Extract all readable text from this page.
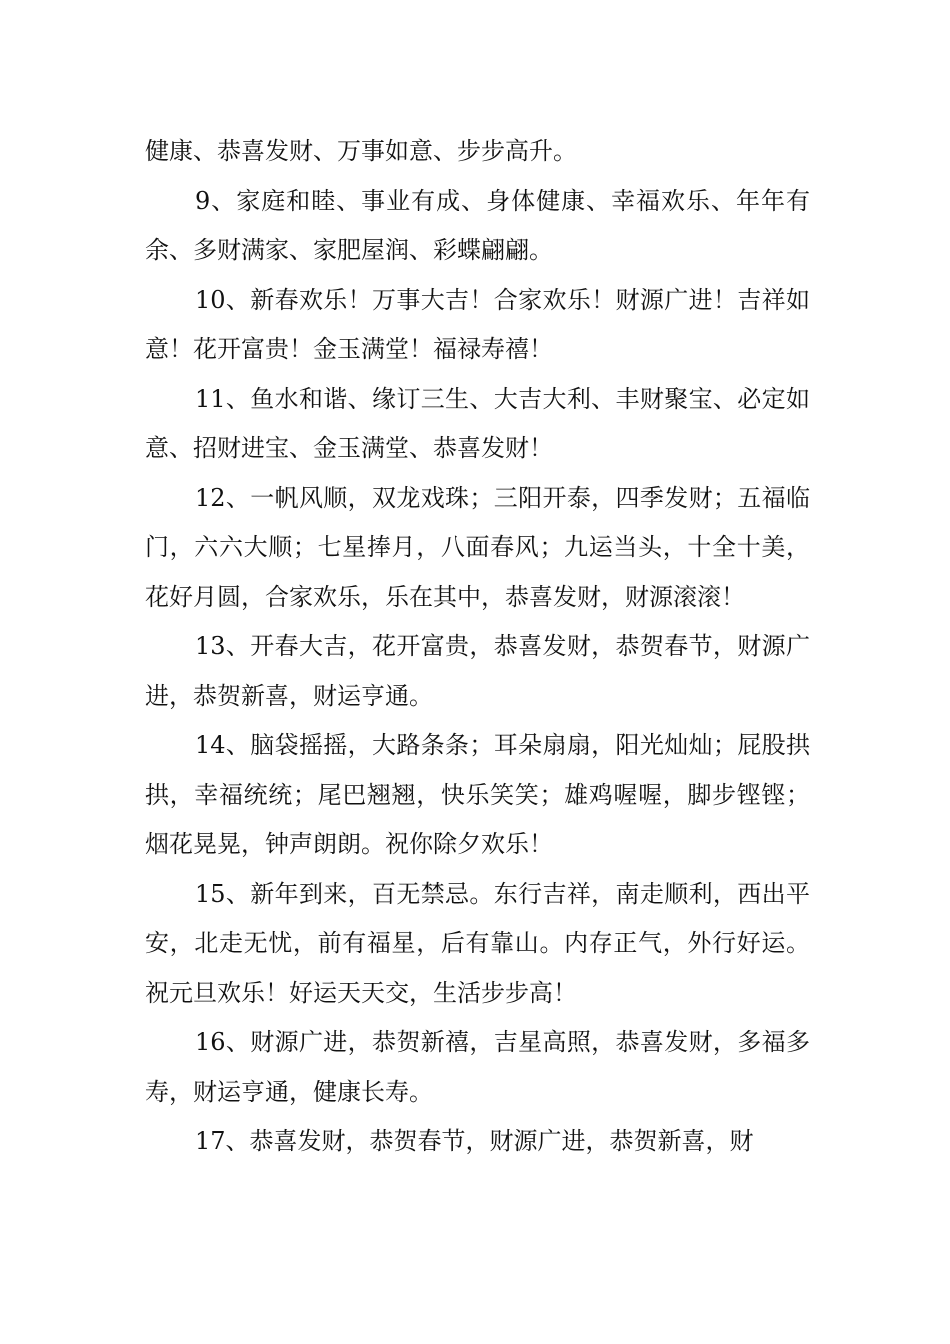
健康、恭喜发财、万事如意、步步高升。

9、家庭和睦、事业有成、身体健康、幸福欢乐、年年有余、多财满家、家肥屋润、彩蝶翩翩。

10、新春欢乐！万事大吉！合家欢乐！财源广进！吉祥如意！花开富贵！金玉满堂！福禄寿禧！

11、鱼水和谐、缘订三生、大吉大利、丰财聚宝、必定如意、招财进宝、金玉满堂、恭喜发财！

12、一帆风顺，双龙戏珠；三阳开泰，四季发财；五福临门，六六大顺；七星捧月，八面春风；九运当头，十全十美，花好月圆，合家欢乐，乐在其中，恭喜发财，财源滚滚！

13、开春大吉，花开富贵，恭喜发财，恭贺春节，财源广进，恭贺新喜，财运亨通。

14、脑袋摇摇，大路条条；耳朵扇扇，阳光灿灿；屁股拱拱，幸福统统；尾巴翘翘，快乐笑笑；雄鸡喔喔，脚步铿铿；烟花晃晃，钟声朗朗。祝你除夕欢乐！

15、新年到来，百无禁忌。东行吉祥，南走顺利，西出平安，北走无忧，前有福星，后有靠山。内存正气，外行好运。祝元旦欢乐！好运天天交，生活步步高！

16、财源广进，恭贺新禧，吉星高照，恭喜发财，多福多寿，财运亨通，健康长寿。

17、恭喜发财，恭贺春节，财源广进，恭贺新喜，财
